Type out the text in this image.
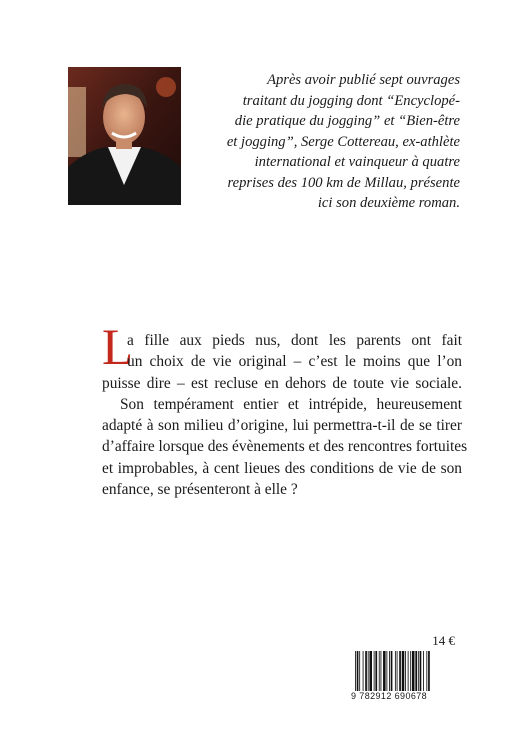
Après avoir publié sept ouvrages
traitant du jogging dont “Encyclopé-
die pratique du jogging” et “Bien-être
et jogging”, Serge Cottereau, ex-athlète
international et vainqueur à quatre
reprises des 100 km de Millau, présente
ici son deuxième roman.
L
a fille aux pieds nus, dont les parents ont fait
un choix de vie original – c’est le moins que l’on
puisse dire – est recluse en dehors de toute vie sociale.
Son tempérament entier et intrépide, heureusement
adapté à son milieu d’origine, lui permettra-t-il de se tirer
d’affaire lorsque des évènements et des rencontres fortuites
et improbables, à cent lieues des conditions de vie de son
enfance, se présenteront à elle ?
14 €
9 782912 690678
